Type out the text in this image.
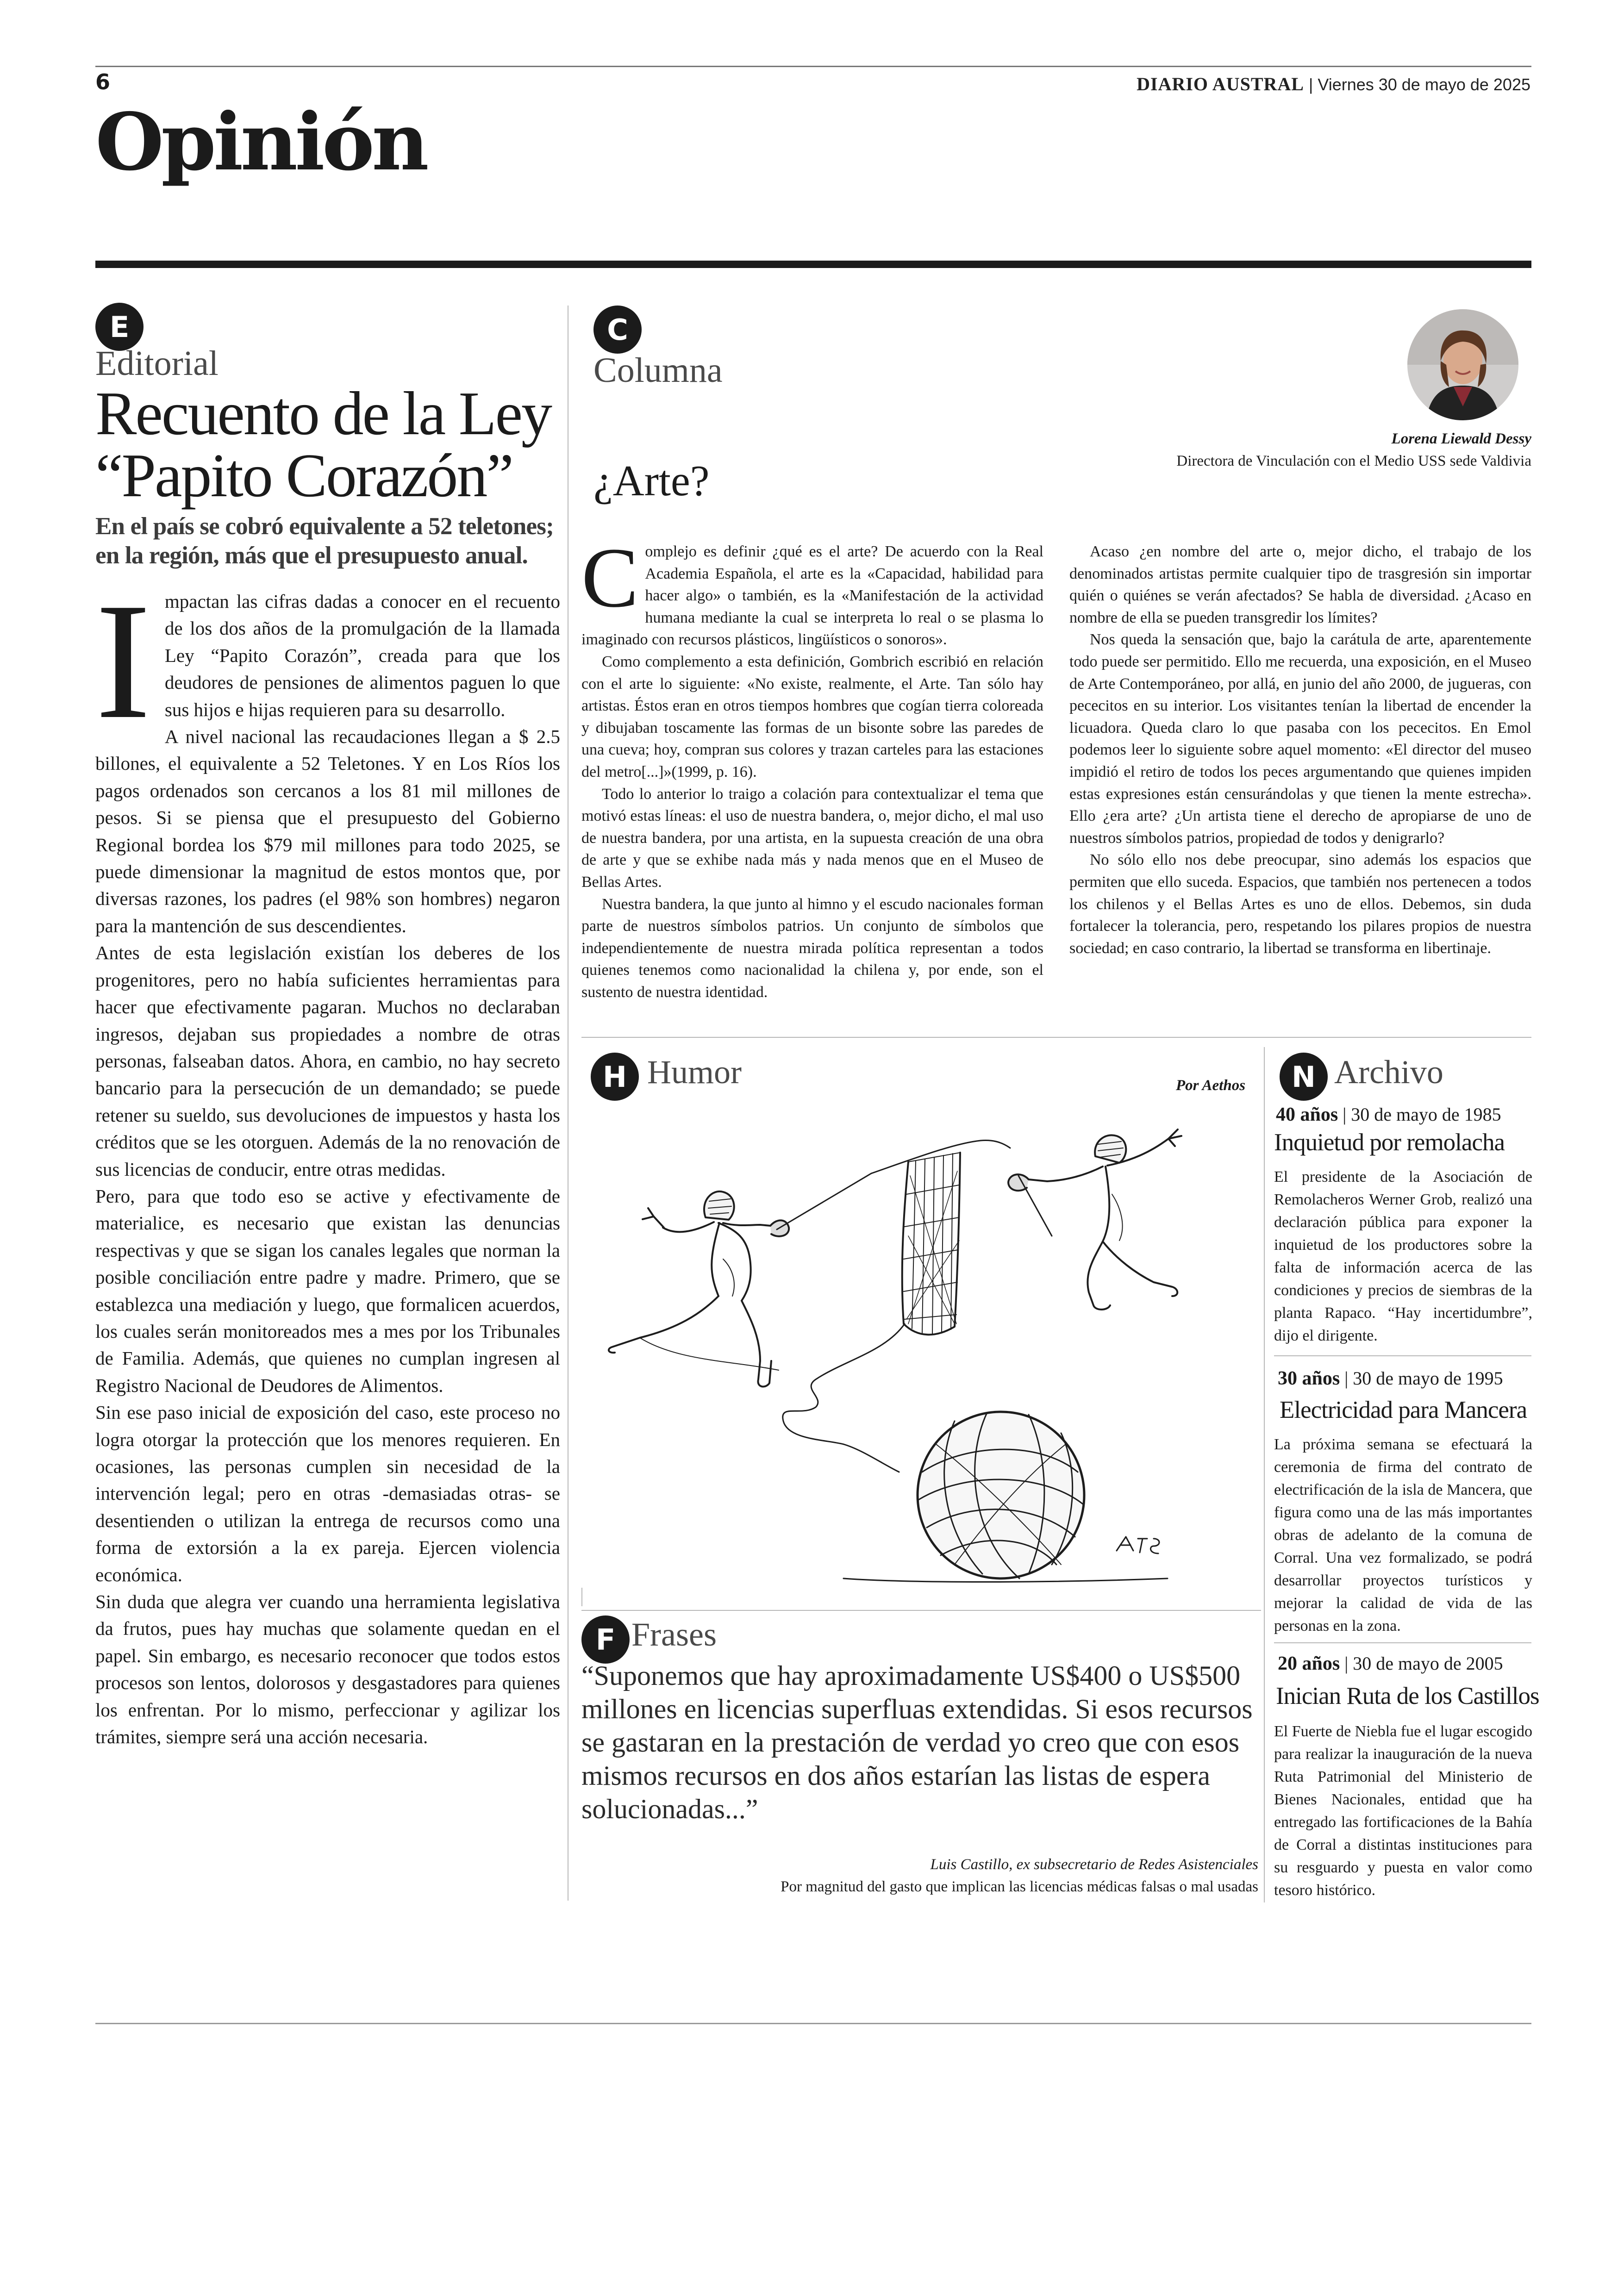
6	DIARIO AUSTRAL | Viernes 30 de mayo de 2025
Opinión
E
Editorial
Recuento de la Ley
“Papito Corazón”
En el país se cobró equivalente a 52 teletones; en la región, más que el presupuesto anual.
I mpactan las cifras dadas a conocer en el recuento de los dos años de la promulgación de la llamada Ley “Papito Corazón”, creada para que los deudores de pensiones de alimentos paguen lo que sus hijos e hijas requieren para su desarrollo.

A nivel nacional las recaudaciones llegan a $ 2.5 billones, el equivalente a 52 Teletones. Y en Los Ríos los pagos ordenados son cercanos a los 81 mil millones de pesos. Si se piensa que el presupuesto del Gobierno Regional bordea los $79 mil millones para todo 2025, se puede dimensionar la magnitud de estos montos que, por diversas razones, los padres (el 98% son hombres) negaron para la mantención de sus descendientes.

Antes de esta legislación existían los deberes de los progenitores, pero no había suficientes herramientas para hacer que efectivamente pagaran. Muchos no declaraban ingresos, dejaban sus propiedades a nombre de otras personas, falseaban datos. Ahora, en cambio, no hay secreto bancario para la persecución de un demandado; se puede retener su sueldo, sus devoluciones de impuestos y hasta los créditos que se les otorguen. Además de la no renovación de sus licencias de conducir, entre otras medidas.

Pero, para que todo eso se active y efectivamente de materialice, es necesario que existan las denuncias respectivas y que se sigan los canales legales que norman la posible conciliación entre padre y madre. Primero, que se establezca una mediación y luego, que formalicen acuerdos, los cuales serán monitoreados mes a mes por los Tribunales de Familia. Además, que quienes no cumplan ingresen al Registro Nacional de Deudores de Alimentos.

Sin ese paso inicial de exposición del caso, este proceso no logra otorgar la protección que los menores requieren. En ocasiones, las personas cumplen sin necesidad de la intervención legal; pero en otras -demasiadas otras- se desentienden o utilizan la entrega de recursos como una forma de extorsión a la ex pareja. Ejercen violencia económica.

Sin duda que alegra ver cuando una herramienta legislativa da frutos, pues hay muchas que solamente quedan en el papel. Sin embargo, es necesario reconocer que todos estos procesos son lentos, dolorosos y desgastadores para quienes los enfrentan. Por lo mismo, perfeccionar y agilizar los trámites, siempre será una acción necesaria.

C
Columna
¿Arte?
Lorena Liewald Dessy
Directora de Vinculación con el Medio USS sede Valdivia
C omplejo es definir ¿qué es el arte? De acuerdo con la Real Academia Española, el arte es la «Capacidad, habilidad para hacer algo» o también, es la «Manifestación de la actividad humana mediante la cual se interpreta lo real o se plasma lo imaginado con recursos plásticos, lingüísticos o sonoros».

Como complemento a esta definición, Gombrich escribió en relación con el arte lo siguiente: «No existe, realmente, el Arte. Tan sólo hay artistas. Éstos eran en otros tiempos hombres que cogían tierra coloreada y dibujaban toscamente las formas de un bisonte sobre las paredes de una cueva; hoy, compran sus colores y trazan carteles para las estaciones del metro[...]»(1999, p. 16).

Todo lo anterior lo traigo a colación para contextualizar el tema que motivó estas líneas: el uso de nuestra bandera, o, mejor dicho, el mal uso de nuestra bandera, por una artista, en la supuesta creación de una obra de arte y que se exhibe nada más y nada menos que en el Museo de Bellas Artes.

Nuestra bandera, la que junto al himno y el escudo nacionales forman parte de nuestros símbolos patrios. Un conjunto de símbolos que independientemente de nuestra mirada política representan a todos quienes tenemos como nacionalidad la chilena y, por ende, son el sustento de nuestra identidad.

Acaso ¿en nombre del arte o, mejor dicho, el trabajo de los denominados artistas permite cualquier tipo de trasgresión sin importar quién o quiénes se verán afectados? Se habla de diversidad. ¿Acaso en nombre de ella se pueden transgredir los límites?

Nos queda la sensación que, bajo la carátula de arte, aparentemente todo puede ser permitido. Ello me recuerda, una exposición, en el Museo de Arte Contemporáneo, por allá, en junio del año 2000, de jugueras, con pececitos en su interior. Los visitantes tenían la libertad de encender la licuadora. Queda claro lo que pasaba con los pececitos. En Emol podemos leer lo siguiente sobre aquel momento: «El director del museo impidió el retiro de todos los peces argumentando que quienes impiden estas expresiones están censurándolas y que tienen la mente estrecha». Ello ¿era arte? ¿Un artista tiene el derecho de apropiarse de uno de nuestros símbolos patrios, propiedad de todos y denigrarlo?

No sólo ello nos debe preocupar, sino además los espacios que permiten que ello suceda. Espacios, que también nos pertenecen a todos los chilenos y el Bellas Artes es uno de ellos. Debemos, sin duda fortalecer la tolerancia, pero, respetando los pilares propios de nuestra sociedad; en caso contrario, la libertad se transforma en libertinaje.

H Humor	Por Aethos
F Frases
“Suponemos que hay aproximadamente US$400 o US$500 millones en licencias superfluas extendidas. Si esos recursos se gastaran en la prestación de verdad yo creo que con esos mismos recursos en dos años estarían las listas de espera solucionadas...”
Luis Castillo, ex subsecretario de Redes Asistenciales
Por magnitud del gasto que implican las licencias médicas falsas o mal usadas
N Archivo
40 años | 30 de mayo de 1985
Inquietud por remolacha
El presidente de la Asociación de Remolacheros Werner Grob, realizó una declaración pública para exponer la inquietud de los productores sobre la falta de información acerca de las condiciones y precios de siembras de la planta Rapaco. “Hay incertidumbre”, dijo el dirigente.
30 años | 30 de mayo de 1995
Electricidad para Mancera
La próxima semana se efectuará la ceremonia de firma del contrato de electrificación de la isla de Mancera, que figura como una de las más importantes obras de adelanto de la comuna de Corral. Una vez formalizado, se podrá desarrollar proyectos turísticos y mejorar la calidad de vida de las personas en la zona.
20 años | 30 de mayo de 2005
Inician Ruta de los Castillos
El Fuerte de Niebla fue el lugar escogido para realizar la inauguración de la nueva Ruta Patrimonial del Ministerio de Bienes Nacionales, entidad que ha entregado las fortificaciones de la Bahía de Corral a distintas instituciones para su resguardo y puesta en valor como tesoro histórico.
